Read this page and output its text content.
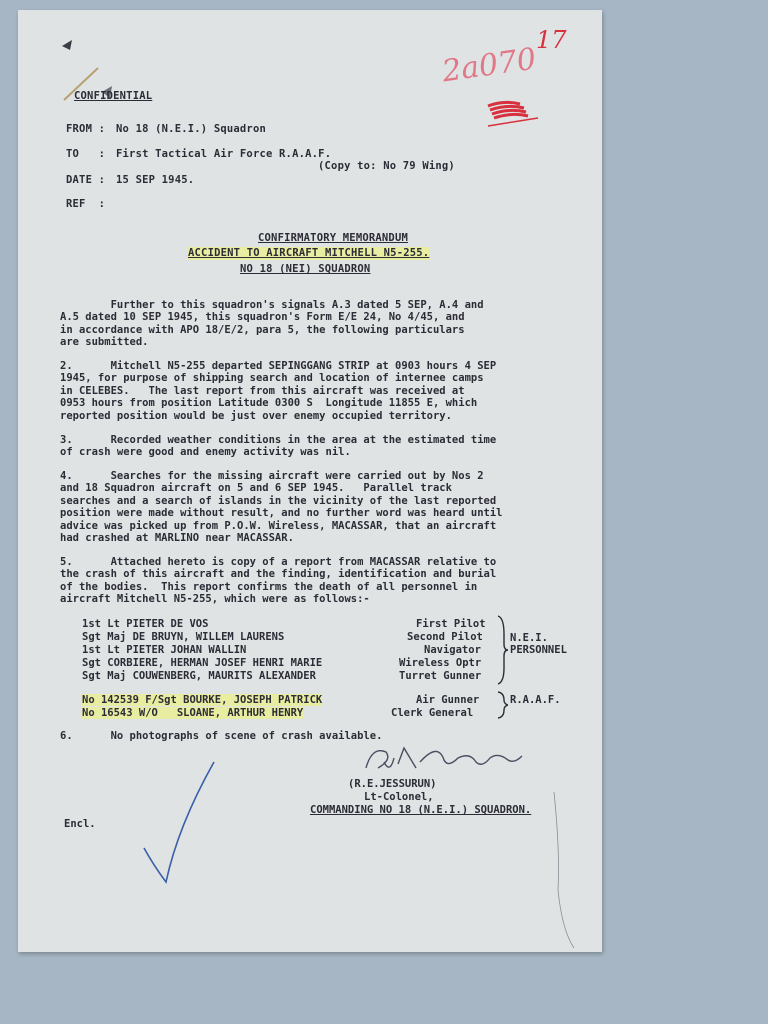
2a070
17
CONFIDENTIAL
FROM : No 18 (N.E.I.) Squadron
TO   : First Tactical Air Force R.A.A.F.
(Copy to: No 79 Wing)
DATE : 15 SEP 1945.
REF  :
CONFIRMATORY MEMORANDUM
ACCIDENT TO AIRCRAFT MITCHELL N5-255.
NO 18 (NEI) SQUADRON
Further to this squadron's signals A.3 dated 5 SEP, A.4 and
A.5 dated 10 SEP 1945, this squadron's Form E/E 24, No 4/45, and
in accordance with APO 18/E/2, para 5, the following particulars
are submitted.
2.      Mitchell N5-255 departed SEPINGGANG STRIP at 0903 hours 4 SEP
1945, for purpose of shipping search and location of internee camps
in CELEBES.   The last report from this aircraft was received at
0953 hours from position Latitude 0300 S  Longitude 11855 E, which
reported position would be just over enemy occupied territory.
3.      Recorded weather conditions in the area at the estimated time
of crash were good and enemy activity was nil.
4.      Searches for the missing aircraft were carried out by Nos 2
and 18 Squadron aircraft on 5 and 6 SEP 1945.   Parallel track
searches and a search of islands in the vicinity of the last reported
position were made without result, and no further word was heard until
advice was picked up from P.O.W. Wireless, MACASSAR, that an aircraft
had crashed at MARLINO near MACASSAR.
5.      Attached hereto is copy of a report from MACASSAR relative to
the crash of this aircraft and the finding, identification and burial
of the bodies.  This report confirms the death of all personnel in
aircraft Mitchell N5-255, which were as follows:-
1st Lt PIETER DE VOS	First Pilot
Sgt Maj DE BRUYN, WILLEM LAURENS	Second Pilot
1st Lt PIETER JOHAN WALLIN	Navigator
Sgt CORBIERE, HERMAN JOSEF HENRI MARIE	Wireless Optr
Sgt Maj COUWENBERG, MAURITS ALEXANDER	Turret Gunner
N.E.I.
PERSONNEL
No 142539 F/Sgt BOURKE, JOSEPH PATRICK	Air Gunner
No 16543 W/O   SLOANE, ARTHUR HENRY	Clerk General
R.A.A.F.
6.      No photographs of scene of crash available.
(R.E.JESSURUN)
Lt-Colonel,
COMMANDING NO 18 (N.E.I.) SQUADRON.
Encl.
